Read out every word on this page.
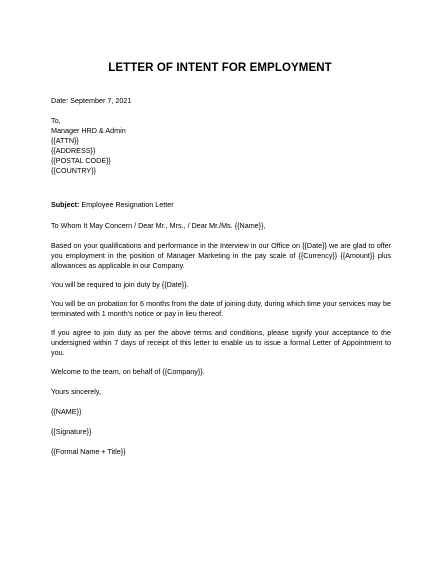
LETTER OF INTENT FOR EMPLOYMENT
Date: September 7, 2021
To,
Manager HRD & Admin
{{ATTN}}
{{ADDRESS}}
{{POSTAL CODE}}
{{COUNTRY}}
Subject: Employee Resignation Letter
To Whom It May Concern / Dear Mr., Mrs., / Dear Mr./Ms. {{Name}},
Based on your qualifications and performance in the Interview in our Office on {{Date}} we are glad to offer you employment in the position of Manager Marketing in the pay scale of {{Currency}} {{Amount}} plus allowances as applicable in our Company.
You will be required to join duty by {{Date}}.
You will be on probation for 6 months from the date of joining duty, during which time your services may be terminated with 1 month’s notice or pay in lieu thereof.
If you agree to join duty as per the above terms and conditions, please signify your acceptance to the undersigned within 7 days of receipt of this letter to enable us to issue a formal Letter of Appointment to you.
Welcome to the team, on behalf of {{Company}}.
Yours sincerely,
{{NAME}}
{{Signature}}
{{Formal Name + Title}}
